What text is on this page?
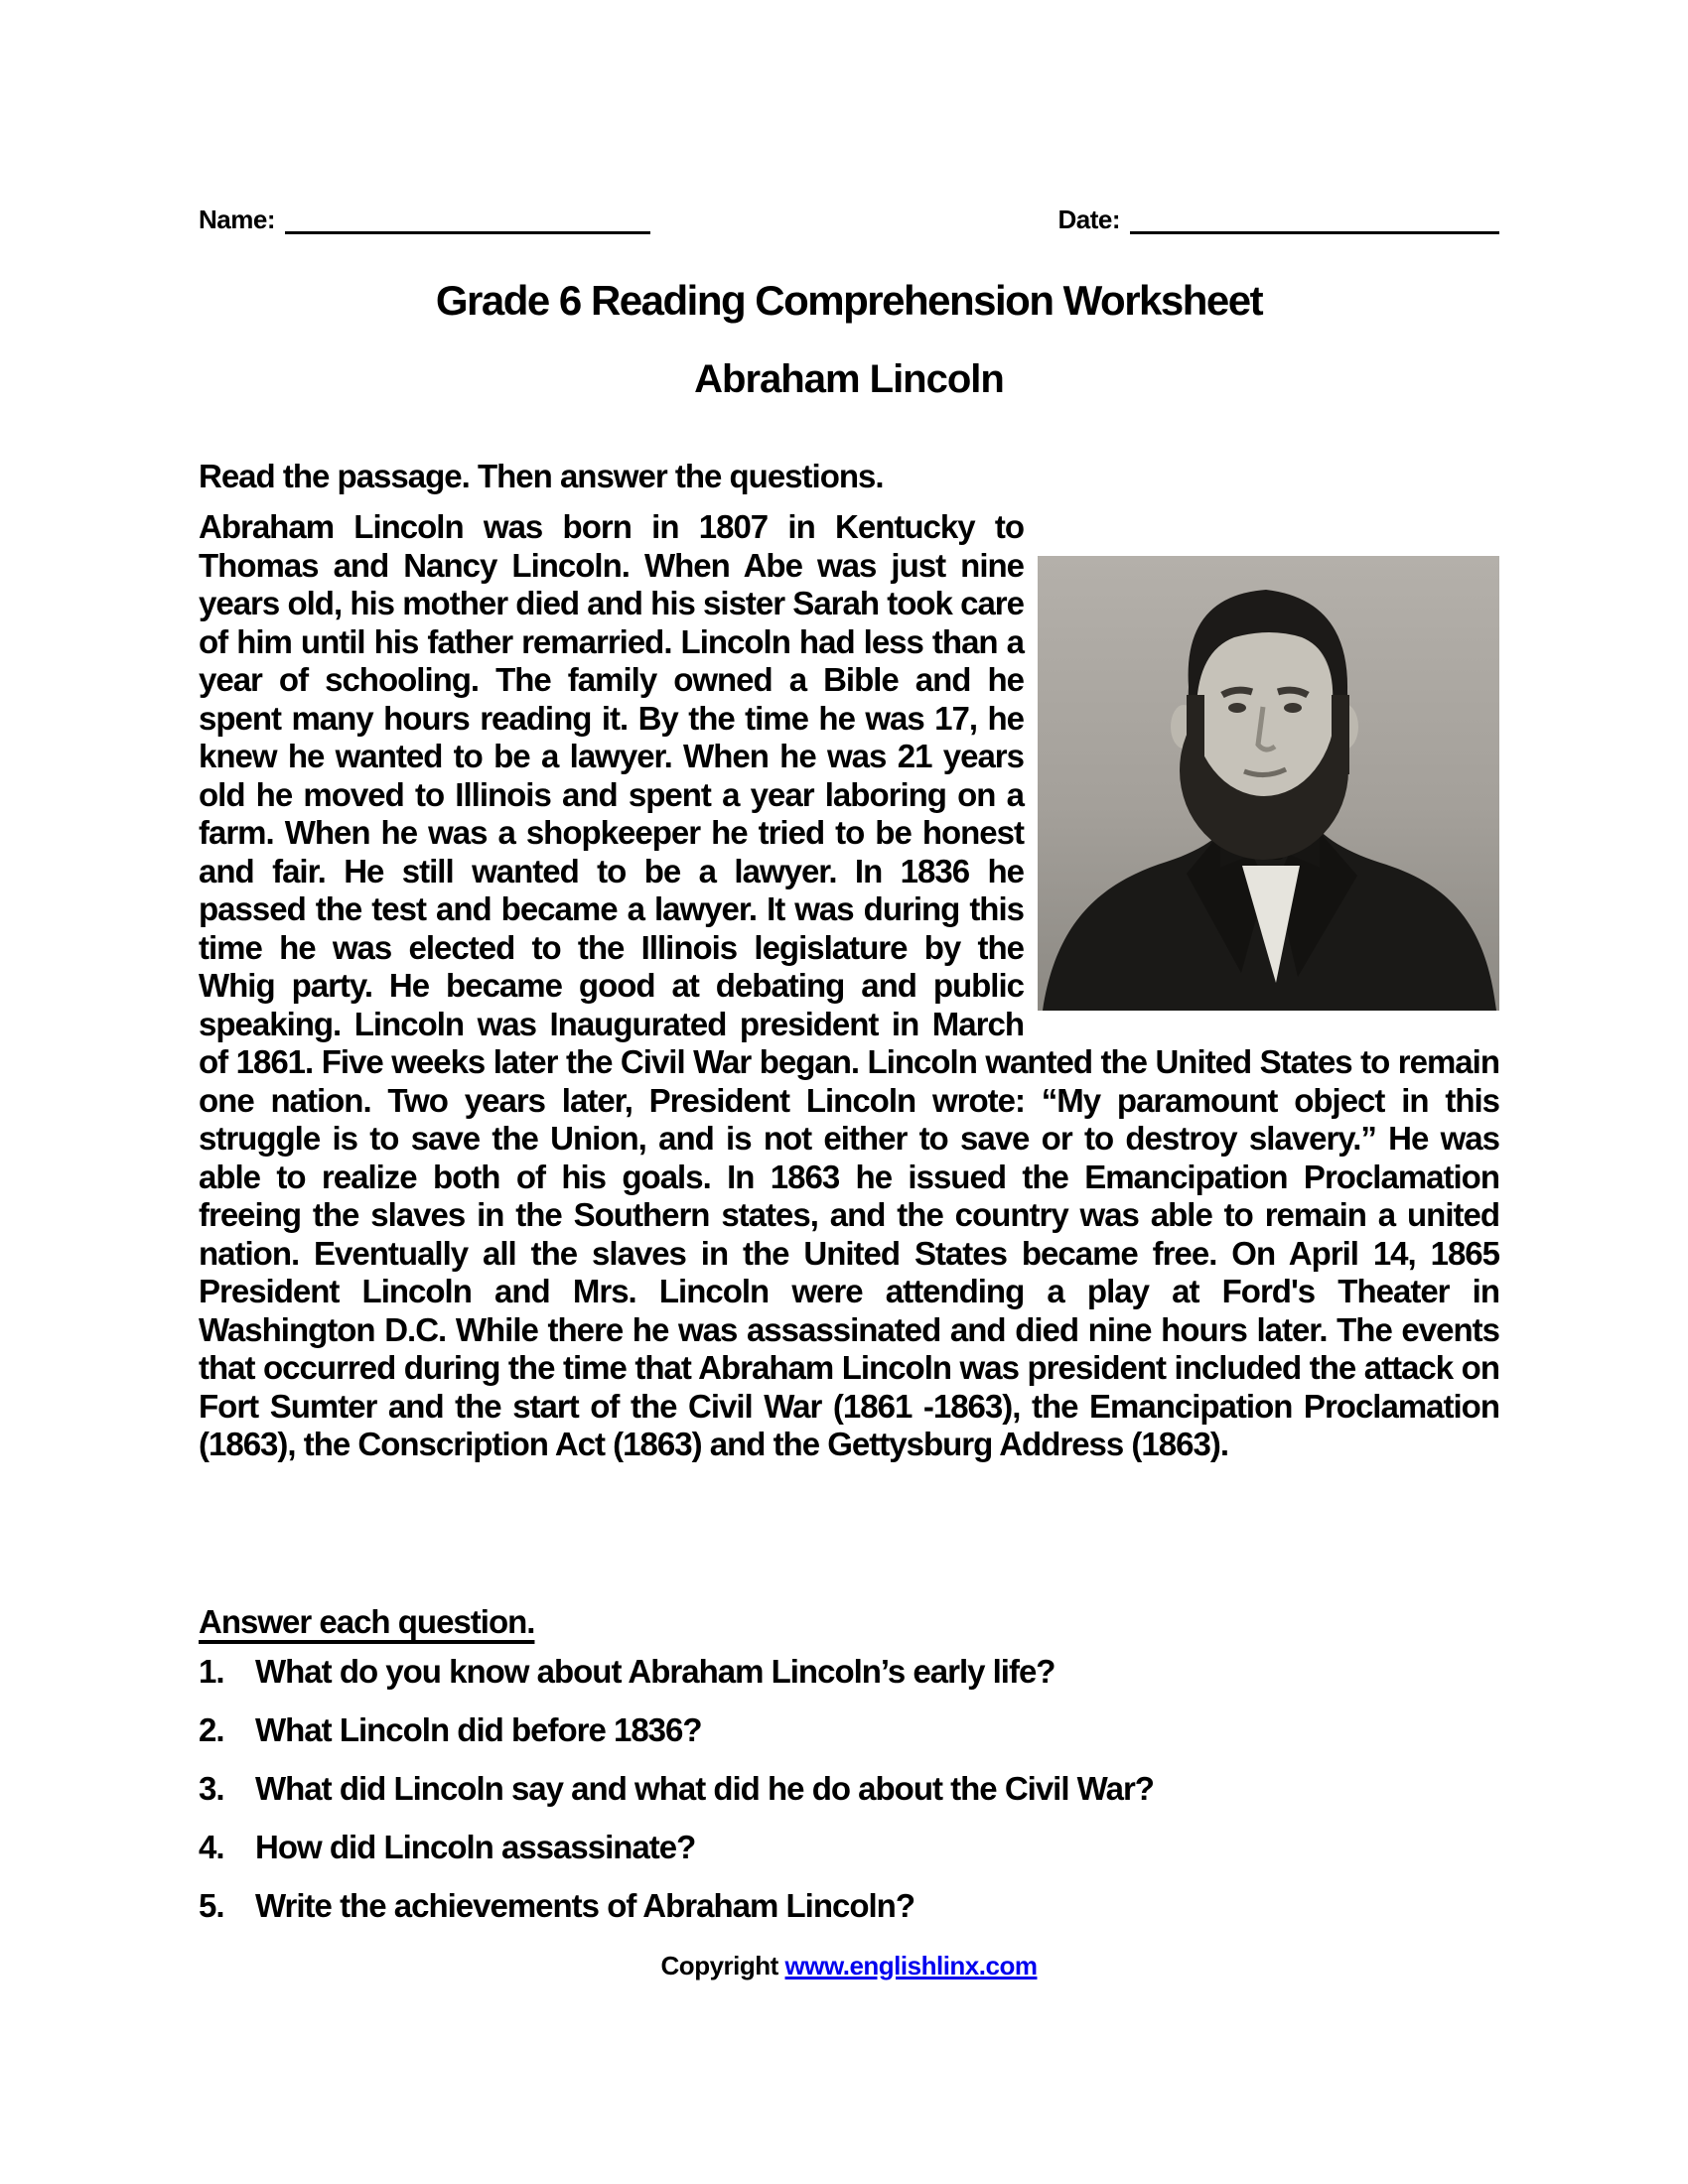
Name:	Date:
Grade 6 Reading Comprehension Worksheet
Abraham Lincoln
Read the passage. Then answer the questions.

Abraham Lincoln was born in 1807 in Kentucky to Thomas and Nancy Lincoln. When Abe was just nine years old, his mother died and his sister Sarah took care of him until his father remarried. Lincoln had less than a year of schooling. The family owned a Bible and he spent many hours reading it. By the time he was 17, he knew he wanted to be a lawyer. When he was 21 years old he moved to Illinois and spent a year laboring on a farm. When he was a shopkeeper he tried to be honest and fair. He still wanted to be a lawyer. In 1836 he passed the test and became a lawyer. It was during this time he was elected to the Illinois legislature by the Whig party. He became good at debating and public speaking. Lincoln was Inaugurated president in March of 1861. Five weeks later the Civil War began. Lincoln wanted the United States to remain one nation. Two years later, President Lincoln wrote: “My paramount object in this struggle is to save the Union, and is not either to save or to destroy slavery.” He was able to realize both of his goals. In 1863 he issued the Emancipation Proclamation freeing the slaves in the Southern states, and the country was able to remain a united nation. Eventually all the slaves in the United States became free. On April 14, 1865 President Lincoln and Mrs. Lincoln were attending a play at Ford's Theater in Washington D.C. While there he was assassinated and died nine hours later. The events that occurred during the time that Abraham Lincoln was president included the attack on Fort Sumter and the start of the Civil War (1861 -1863), the Emancipation Proclamation (1863), the Conscription Act (1863) and the Gettysburg Address (1863).

Answer each question.
1. What do you know about Abraham Lincoln’s early life?
2. What Lincoln did before 1836?
3. What did Lincoln say and what did he do about the Civil War?
4. How did Lincoln assassinate?
5. Write the achievements of Abraham Lincoln?
Copyright www.englishlinx.com
